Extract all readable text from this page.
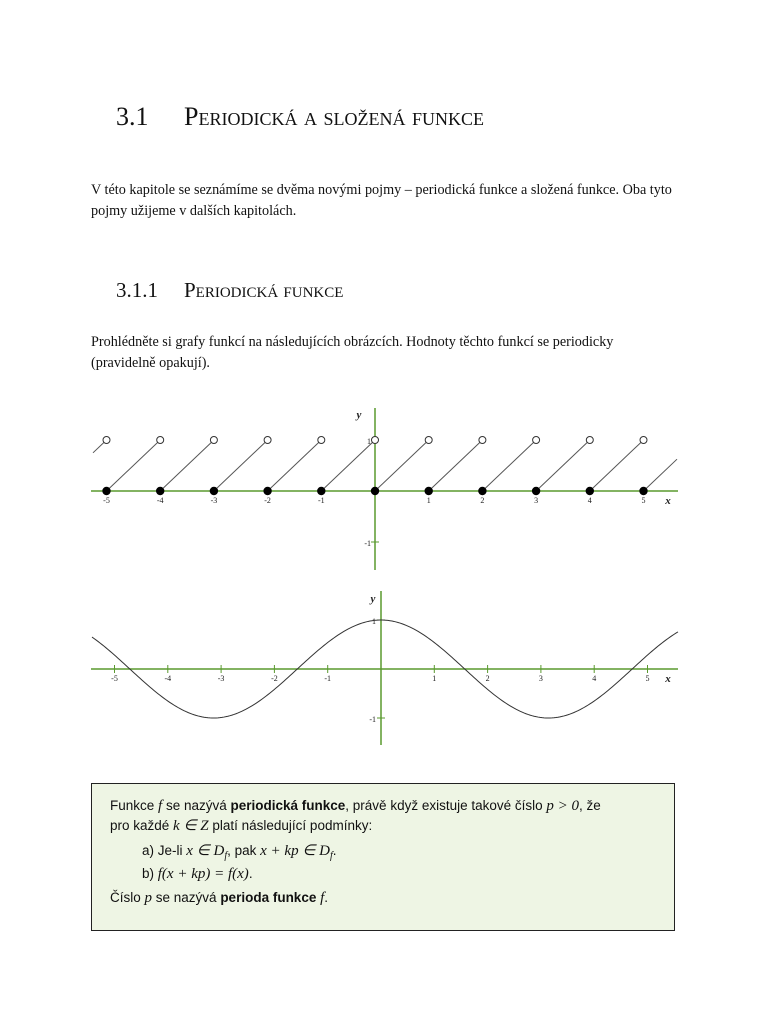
3.1 Periodická a složená funkce
V této kapitole se seznámíme se dvěma novými pojmy – periodická funkce a složená funkce. Oba tyto pojmy užijeme v dalších kapitolách.
3.1.1 Periodická funkce
Prohlédněte si grafy funkcí na následujících obrázcích. Hodnoty těchto funkcí se periodicky (pravidelně opakují).
-5	-4	-3	-2	-1	1	2	3	4	5
1
-1
x
y
-5	-4	-3	-2	-1	1	2	3	4	5
1
-1
x
y
Funkce f se nazývá periodická funkce, právě když existuje takové číslo p > 0, že
pro každé k ∈ Z platí následující podmínky:
a) Je-li x ∈ $D_f$, pak x + kp ∈ $D_f$.
b) f(x + kp) = f(x).
Číslo p se nazývá perioda funkce f.
